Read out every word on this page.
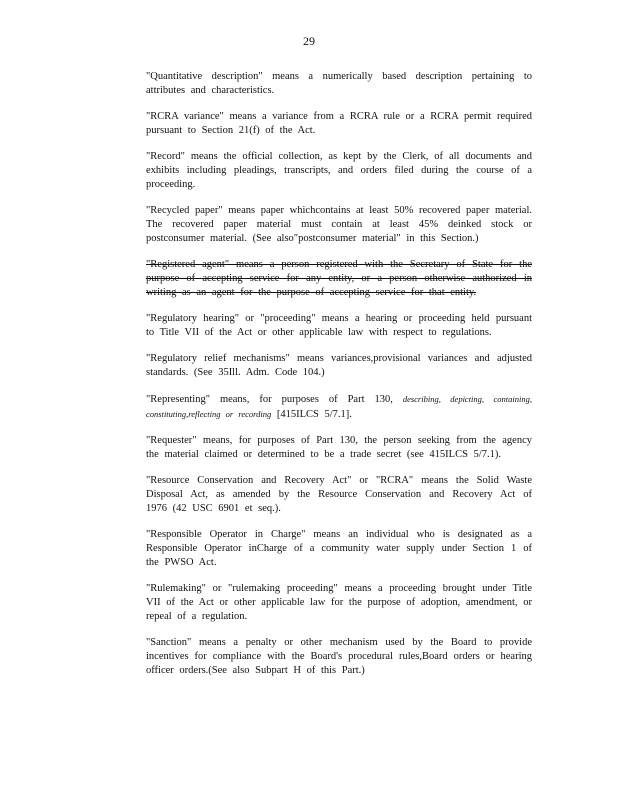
29

"Quantitative description" means a numerically based description pertaining to attributes and characteristics.

"RCRA variance" means a variance from a RCRA rule or a RCRA permit required pursuant to Section 21(f) of the Act.

"Record" means the official collection, as kept by the Clerk, of all documents and exhibits including pleadings, transcripts, and orders filed during the course of a proceeding.

"Recycled paper" means paper whichcontains at least 50% recovered paper material. The recovered paper material must contain at least 45% deinked stock or postconsumer material. (See also"postconsumer material" in this Section.)

"Registered agent" means a person registered with the Secretary of State for the purpose of accepting service for any entity, or a person otherwise authorized in writing as an agent for the purpose of accepting service for that entity.

"Regulatory hearing" or "proceeding" means a hearing or proceeding held pursuant to Title VII of the Act or other applicable law with respect to regulations.

"Regulatory relief mechanisms" means variances,provisional variances and adjusted standards. (See 35Ill. Adm. Code 104.)

"Representing" means, for purposes of Part 130, describing, depicting, containing, constituting,reflecting or recording [415ILCS 5/7.1].

"Requester" means, for purposes of Part 130, the person seeking from the agency the material claimed or determined to be a trade secret (see 415ILCS 5/7.1).

"Resource Conservation and Recovery Act" or "RCRA" means the Solid Waste Disposal Act, as amended by the Resource Conservation and Recovery Act of 1976 (42 USC 6901 et seq.).

"Responsible Operator in Charge" means an individual who is designated as a Responsible Operator inCharge of a community water supply under Section 1 of the PWSO Act.

"Rulemaking" or "rulemaking proceeding" means a proceeding brought under Title VII of the Act or other applicable law for the purpose of adoption, amendment, or repeal of a regulation.

"Sanction" means a penalty or other mechanism used by the Board to provide incentives for compliance with the Board's procedural rules,Board orders or hearing officer orders.(See also Subpart H of this Part.)
